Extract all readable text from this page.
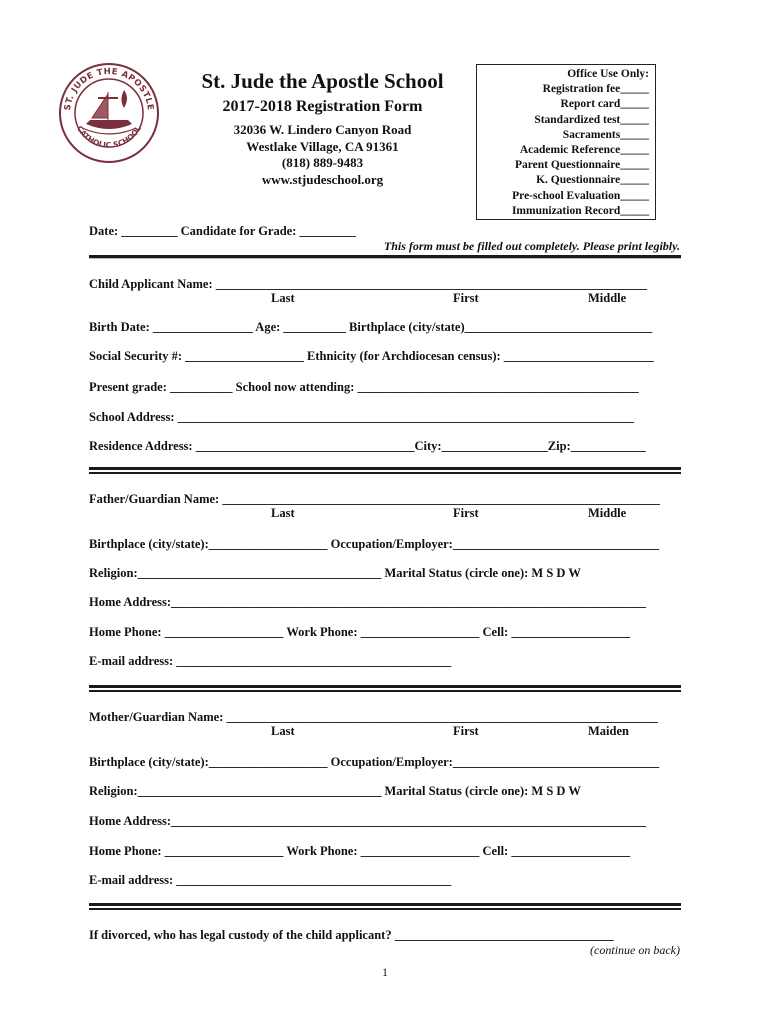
ST. JUDE THE APOSTLE
CATHOLIC SCHOOL
St. Jude the Apostle School
2017-2018 Registration Form
32036 W. Lindero Canyon Road
Westlake Village, CA 91361
(818) 889-9483
www.stjudeschool.org
Office Use Only:
Registration fee_____
Report card_____
Standardized test_____
Sacraments_____
Academic Reference_____
Parent Questionnaire_____
K. Questionnaire_____
Pre-school Evaluation_____
Immunization Record_____
Date: _________ Candidate for Grade: _________
This form must be filled out completely. Please print legibly.
Child Applicant Name: _____________________________________________________________________
Last	First	Middle
Birth Date: ________________ Age: __________ Birthplace (city/state)______________________________
Social Security #: ___________________ Ethnicity (for Archdiocesan census): ________________________
Present grade: __________ School now attending: _____________________________________________
School Address: _________________________________________________________________________
Residence Address: ___________________________________City:_________________Zip:____________
Father/Guardian Name: ______________________________________________________________________
Last	First	Middle
Birthplace (city/state):___________________ Occupation/Employer:_________________________________
Religion:_______________________________________ Marital Status (circle one): M S D W
Home Address:____________________________________________________________________________
Home Phone: ___________________ Work Phone: ___________________ Cell: ___________________
E-mail address: ____________________________________________
Mother/Guardian Name: _____________________________________________________________________
Last	First	Maiden
Birthplace (city/state):___________________ Occupation/Employer:_________________________________
Religion:_______________________________________ Marital Status (circle one): M S D W
Home Address:____________________________________________________________________________
Home Phone: ___________________ Work Phone: ___________________ Cell: ___________________
E-mail address: ____________________________________________
If divorced, who has legal custody of the child applicant? ___________________________________
(continue on back)
1
